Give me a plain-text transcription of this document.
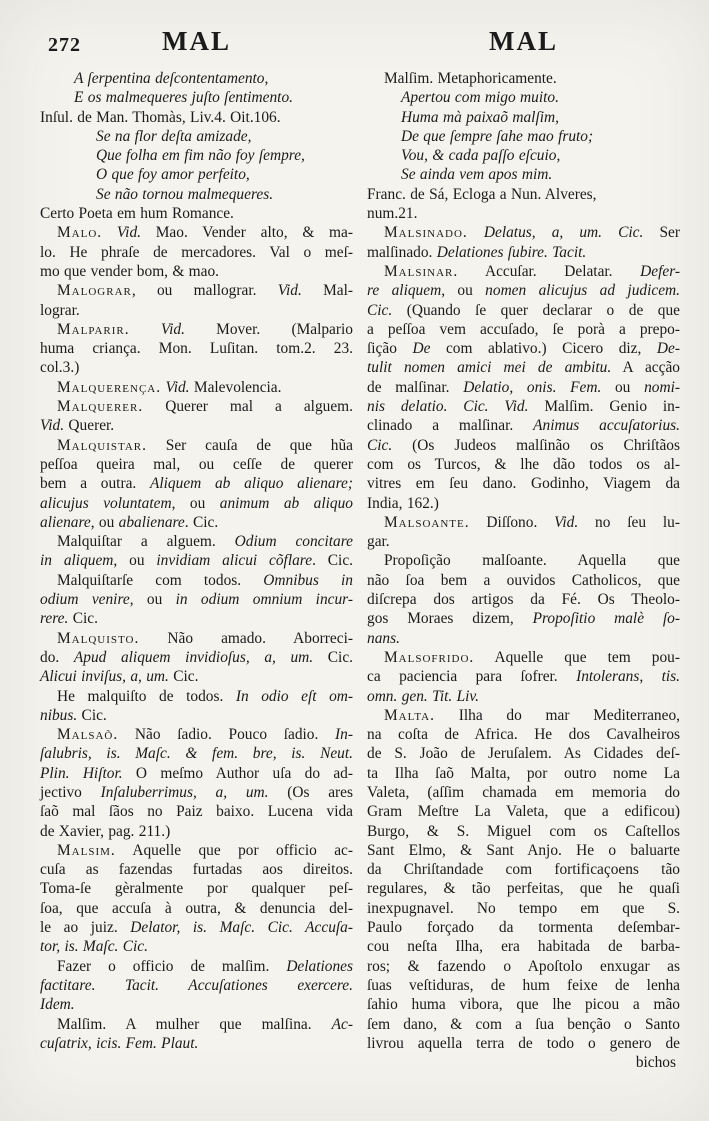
272	MAL	MAL

A ſerpentina deſcontentamento,

E os malmequeres juſto ſentimento.

Inſul. de Man. Thomàs, Liv.4. Oit.106.

Se na flor deſta amizade,

Que folha em fim não foy ſempre,

O que foy amor perfeito,

Se não tornou malmequeres.

Certo Poeta em hum Romance.

Malo. Vid. Mao. Vender alto, & ma-

lo. He phraſe de mercadores. Val o meſ-

mo que vender bom, & mao.

Malograr, ou mallograr. Vid. Mal-

lograr.

Malparir. Vid. Mover. (Malpario

huma criança. Mon. Luſitan. tom.2. 23.

col.3.)

Malquerença. Vid. Malevolencia.

Malquerer. Querer mal a alguem.

Vid. Querer.

Malquistar. Ser cauſa de que hũa

peſſoa queira mal, ou ceſſe de querer

bem a outra. Aliquem ab aliquo alienare;

alicujus voluntatem, ou animum ab aliquo

alienare, ou abalienare. Cic.

Malquiſtar a alguem. Odium concitare

in aliquem, ou invidiam alicui cõflare. Cic.

Malquiſtarſe com todos. Omnibus in

odium venire, ou in odium omnium incur-

rere. Cic.

Malquisto. Não amado. Aborreci-

do. Apud aliquem invidioſus, a, um. Cic.

Alicui inviſus, a, um. Cic.

He malquiſto de todos. In odio eſt om-

nibus. Cic.

Malsaõ. Não ſadio. Pouco ſadio. In-

ſalubris, is. Maſc. & fem. bre, is. Neut.

Plin. Hiſtor. O meſmo Author uſa do ad-

jectivo Inſaluberrimus, a, um. (Os ares

ſaõ mal ſãos no Paiz baixo. Lucena vida

de Xavier, pag. 211.)

Malsim. Aquelle que por officio ac-

cuſa as fazendas furtadas aos direitos.

Toma-ſe gèralmente por qualquer peſ-

ſoa, que accuſa à outra, & denuncia del-

le ao juiz. Delator, is. Maſc. Cic. Accuſa-

tor, is. Maſc. Cic.

Fazer o officio de malſim. Delationes

factitare. Tacit. Accuſationes exercere.

Idem.

Malſim. A mulher que malſina. Ac-

cuſatrix, icis. Fem. Plaut.

Malſim. Metaphoricamente.

Apertou com migo muito.

Huma mà paixaõ malſim,

De que ſempre ſahe mao fruto;

Vou, & cada paſſo eſcuio,

Se ainda vem apos mim.

Franc. de Sá, Ecloga a Nun. Alveres,

num.21.

Malsinado. Delatus, a, um. Cic. Ser

malſinado. Delationes ſubire. Tacit.

Malsinar. Accuſar. Delatar. Defer-

re aliquem, ou nomen alicujus ad judicem.

Cic. (Quando ſe quer declarar o de que

a peſſoa vem accuſado, ſe porà a prepo-

ſição De com ablativo.) Cicero diz, De-

tulit nomen amici mei de ambitu. A acção

de malſinar. Delatio, onis. Fem. ou nomi-

nis delatio. Cic. Vid. Malſim. Genio in-

clinado a malſinar. Animus accuſatorius.

Cic. (Os Judeos malſinão os Chriſtãos

com os Turcos, & lhe dão todos os al-

vitres em ſeu dano. Godinho, Viagem da

India, 162.)

Malsoante. Diſſono. Vid. no ſeu lu-

gar.

Propoſição malſoante. Aquella que

não ſoa bem a ouvidos Catholicos, que

diſcrepa dos artigos da Fé. Os Theolo-

gos Moraes dizem, Propoſitio malè ſo-

nans.

Malsofrido. Aquelle que tem pou-

ca paciencia para ſofrer. Intolerans, tis.

omn. gen. Tit. Liv.

Malta. Ilha do mar Mediterraneo,

na coſta de Africa. He dos Cavalheiros

de S. João de Jeruſalem. As Cidades deſ-

ta Ilha ſaõ Malta, por outro nome La

Valeta, (aſſim chamada em memoria do

Gram Meſtre La Valeta, que a edificou)

Burgo, & S. Miguel com os Caſtellos

Sant Elmo, & Sant Anjo. He o baluarte

da Chriſtandade com fortificaçoens tão

regulares, & tão perfeitas, que he quaſi

inexpugnavel. No tempo em que S.

Paulo forçado da tormenta deſembar-

cou neſta Ilha, era habitada de barba-

ros; & fazendo o Apoſtolo enxugar as

ſuas veſtiduras, de hum feixe de lenha

ſahio huma vibora, que lhe picou a mão

ſem dano, & com a ſua benção o Santo

livrou aquella terra de todo o genero de

bichos
